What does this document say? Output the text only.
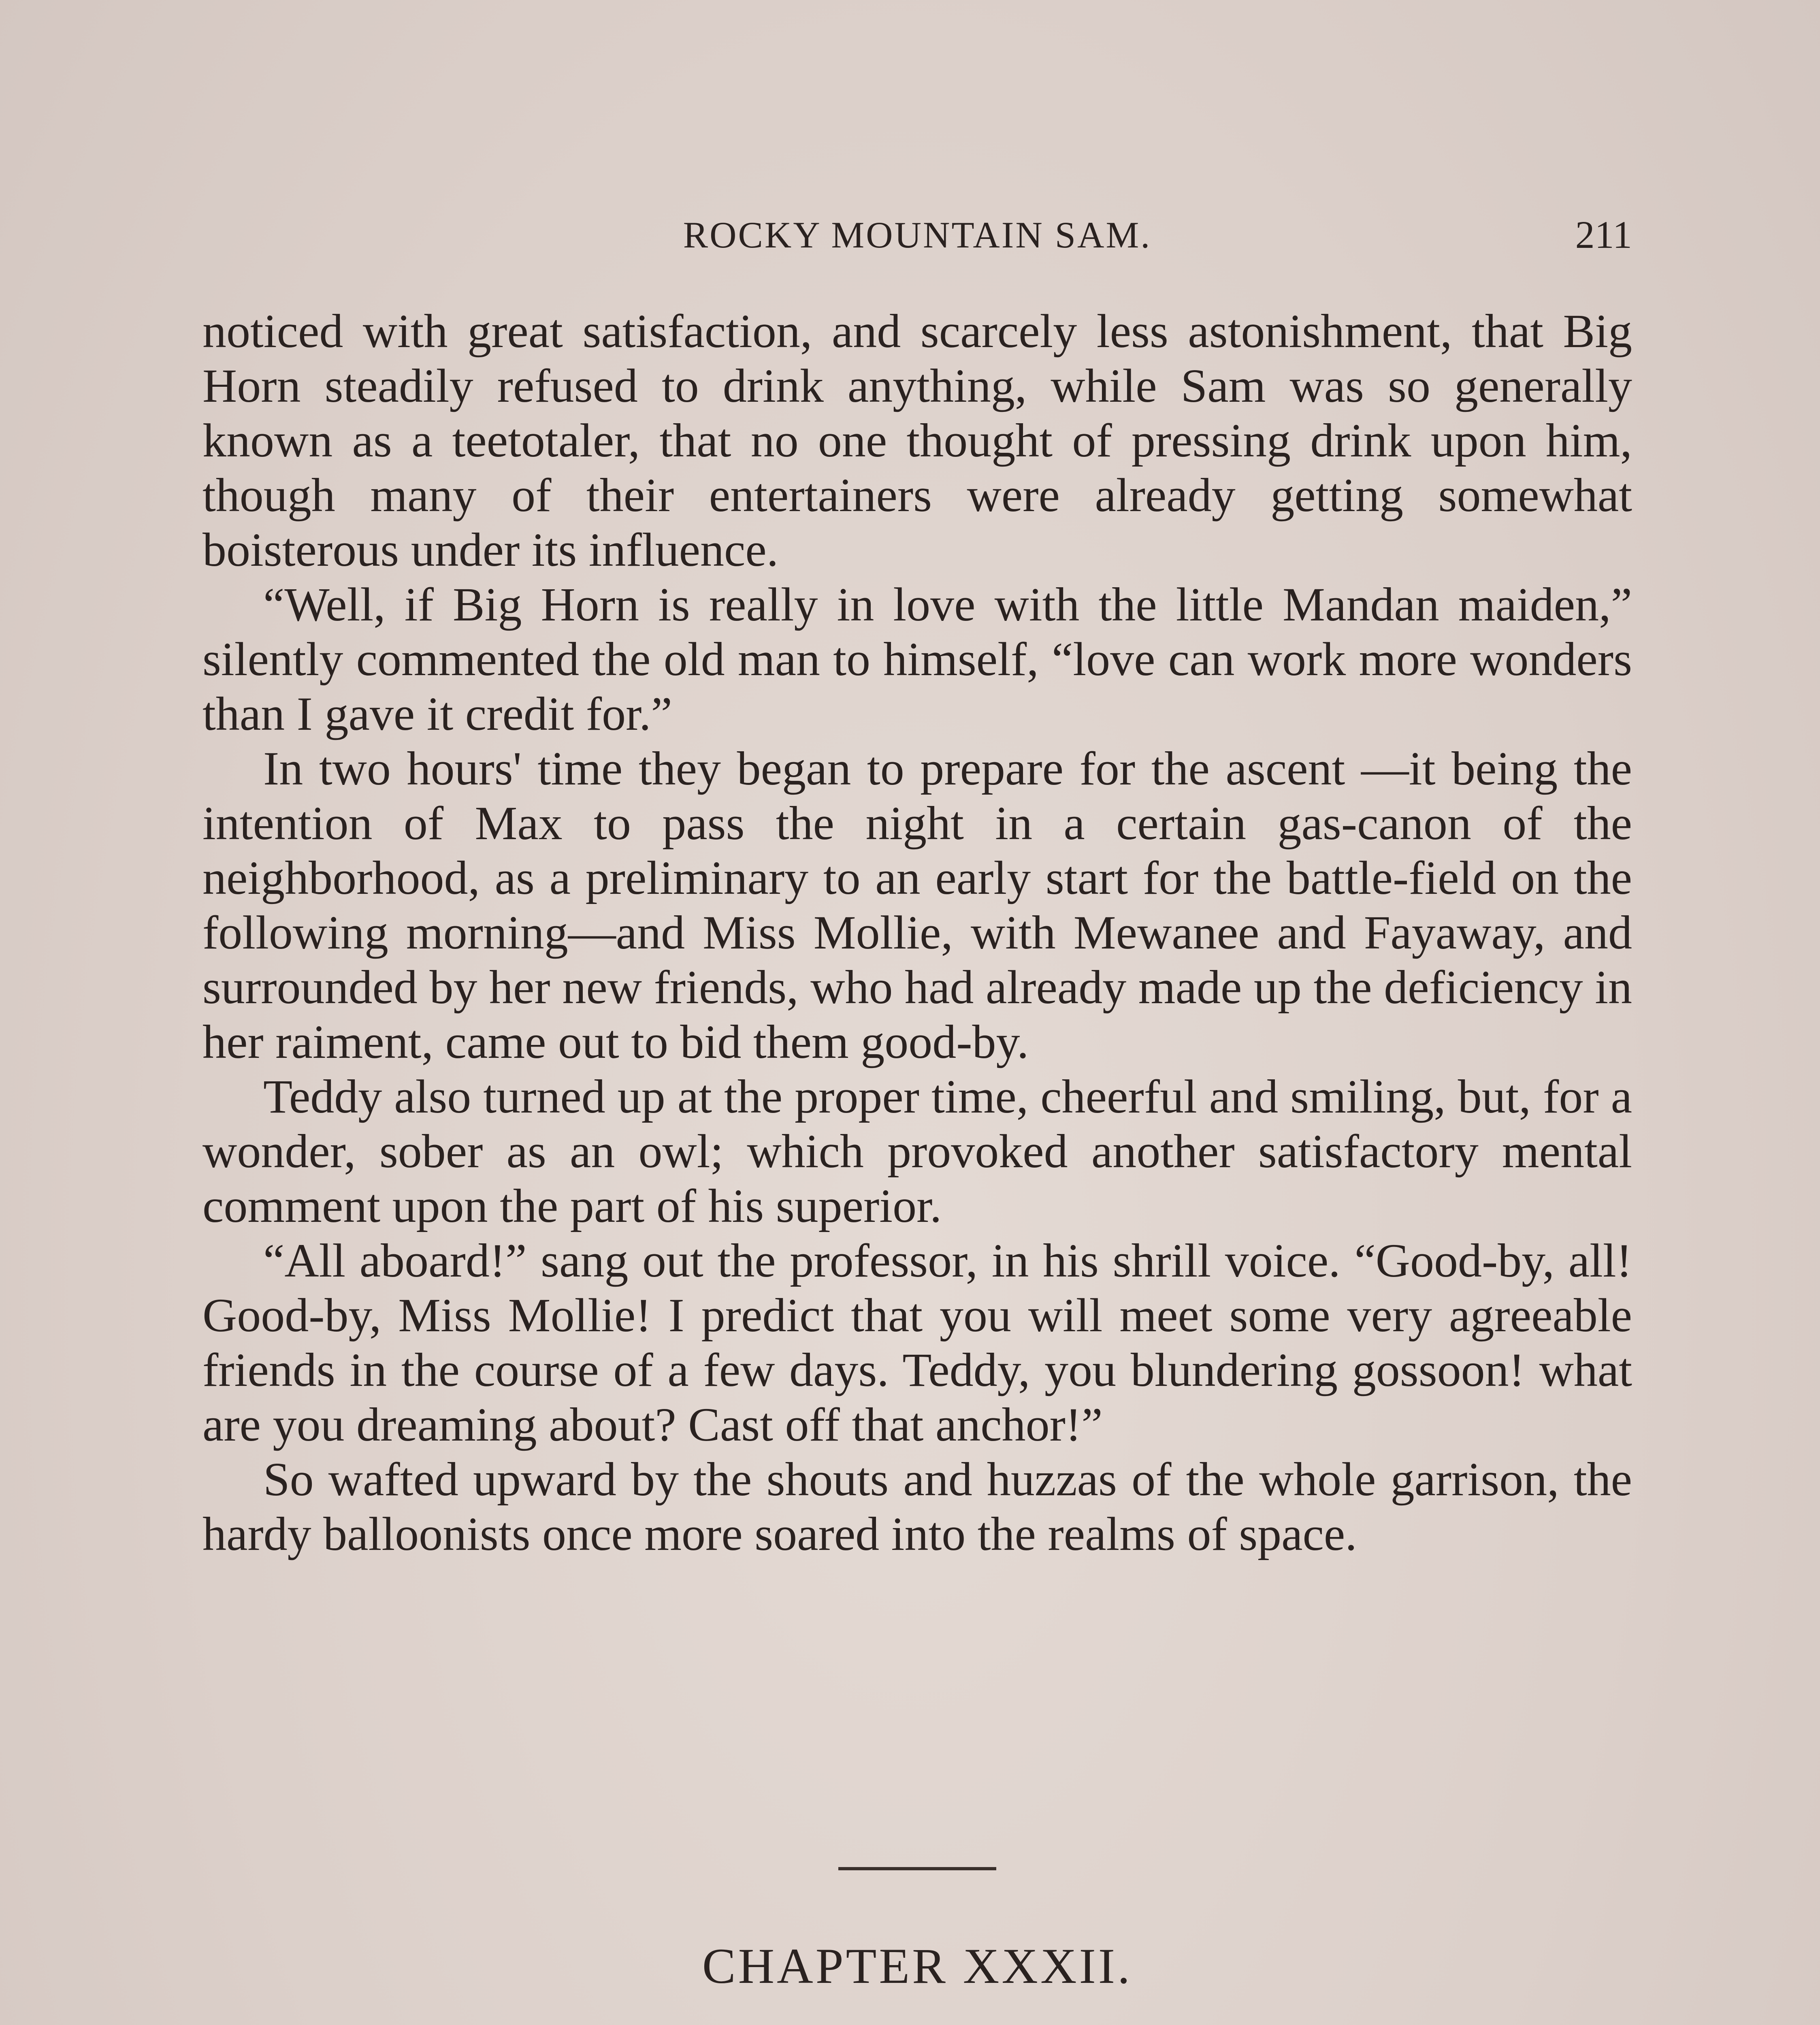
ROCKY MOUNTAIN SAM.	211

noticed with great satisfaction, and scarcely less astonishment, that Big Horn steadily refused to drink anything, while Sam was so generally known as a teetotaler, that no one thought of pressing drink upon him, though many of their entertainers were already getting somewhat boisterous under its influence.

“Well, if Big Horn is really in love with the little Mandan maiden,” silently commented the old man to himself, “love can work more wonders than I gave it credit for.”

In two hours' time they began to prepare for the ascent —it being the intention of Max to pass the night in a certain gas-canon of the neighborhood, as a preliminary to an early start for the battle-field on the following morning—and Miss Mollie, with Mewanee and Fayaway, and surrounded by her new friends, who had already made up the deficiency in her raiment, came out to bid them good-by.

Teddy also turned up at the proper time, cheerful and smiling, but, for a wonder, sober as an owl; which provoked another satisfactory mental comment upon the part of his superior.

“All aboard!” sang out the professor, in his shrill voice. “Good-by, all! Good-by, Miss Mollie! I predict that you will meet some very agreeable friends in the course of a few days. Teddy, you blundering gossoon! what are you dreaming about? Cast off that anchor!”

So wafted upward by the shouts and huzzas of the whole garrison, the hardy balloonists once more soared into the realms of space.

CHAPTER XXXII.
